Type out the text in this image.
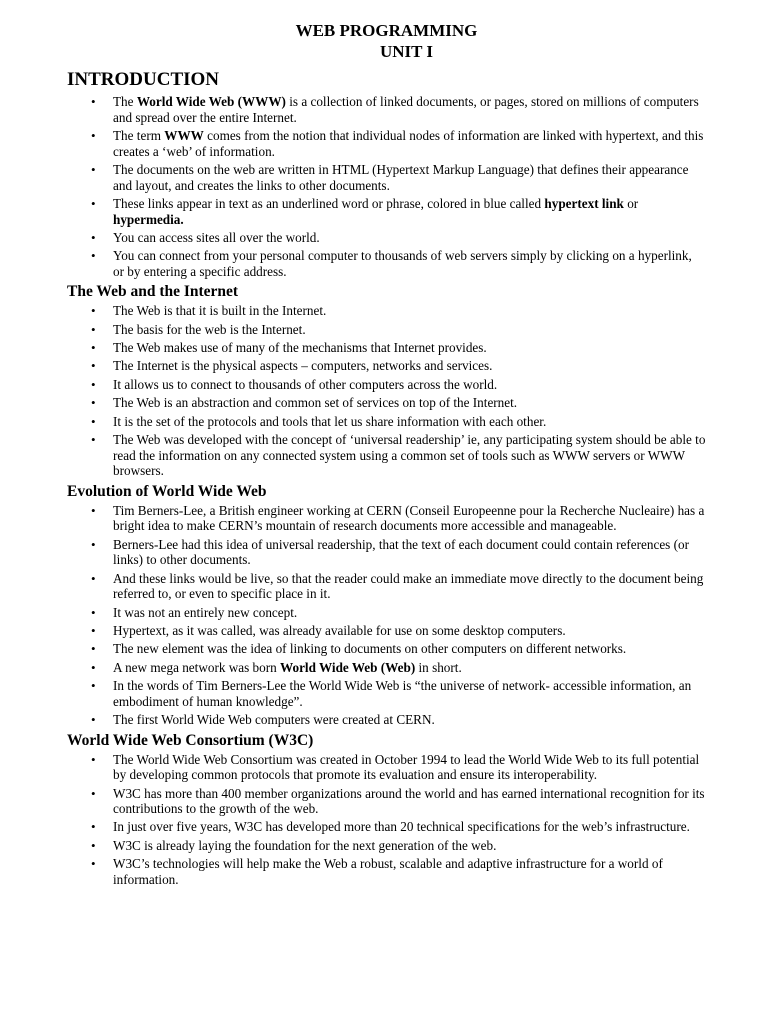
WEB PROGRAMMING
UNIT I
INTRODUCTION
• The World Wide Web (WWW) is a collection of linked documents, or pages, stored on millions of computers and spread over the entire Internet.
• The term WWW comes from the notion that individual nodes of information are linked with hypertext, and this creates a ‘web’ of information.
• The documents on the web are written in HTML (Hypertext Markup Language) that defines their appearance and layout, and creates the links to other documents.
• These links appear in text as an underlined word or phrase, colored in blue called hypertext link or hypermedia.
• You can access sites all over the world.
• You can connect from your personal computer to thousands of web servers simply by clicking on a hyperlink, or by entering a specific address.
The Web and the Internet
• The Web is that it is built in the Internet.
• The basis for the web is the Internet.
• The Web makes use of many of the mechanisms that Internet provides.
• The Internet is the physical aspects – computers, networks and services.
• It allows us to connect to thousands of other computers across the world.
• The Web is an abstraction and common set of services on top of the Internet.
• It is the set of the protocols and tools that let us share information with each other.
• The Web was developed with the concept of ‘universal readership’ ie, any participating system should be able to read the information on any connected system using a common set of tools such as WWW servers or WWW browsers.
Evolution of World Wide Web
• Tim Berners-Lee, a British engineer working at CERN (Conseil Europeenne pour la Recherche Nucleaire) has a bright idea to make CERN’s mountain of research documents more accessible and manageable.
• Berners-Lee had this idea of universal readership, that the text of each document could contain references (or links) to other documents.
• And these links would be live, so that the reader could make an immediate move directly to the document being referred to, or even to specific place in it.
• It was not an entirely new concept.
• Hypertext, as it was called, was already available for use on some desktop computers.
• The new element was the idea of linking to documents on other computers on different networks.
• A new mega network was born World Wide Web (Web) in short.
• In the words of Tim Berners-Lee the World Wide Web is “the universe of network- accessible information, an embodiment of human knowledge”.
• The first World Wide Web computers were created at CERN.
World Wide Web Consortium (W3C)
• The World Wide Web Consortium was created in October 1994 to lead the World Wide Web to its full potential by developing common protocols that promote its evaluation and ensure its interoperability.
• W3C has more than 400 member organizations around the world and has earned international recognition for its contributions to the growth of the web.
• In just over five years, W3C has developed more than 20 technical specifications for the web’s infrastructure.
• W3C is already laying the foundation for the next generation of the web.
• W3C’s technologies will help make the Web a robust, scalable and adaptive infrastructure for a world of information.
